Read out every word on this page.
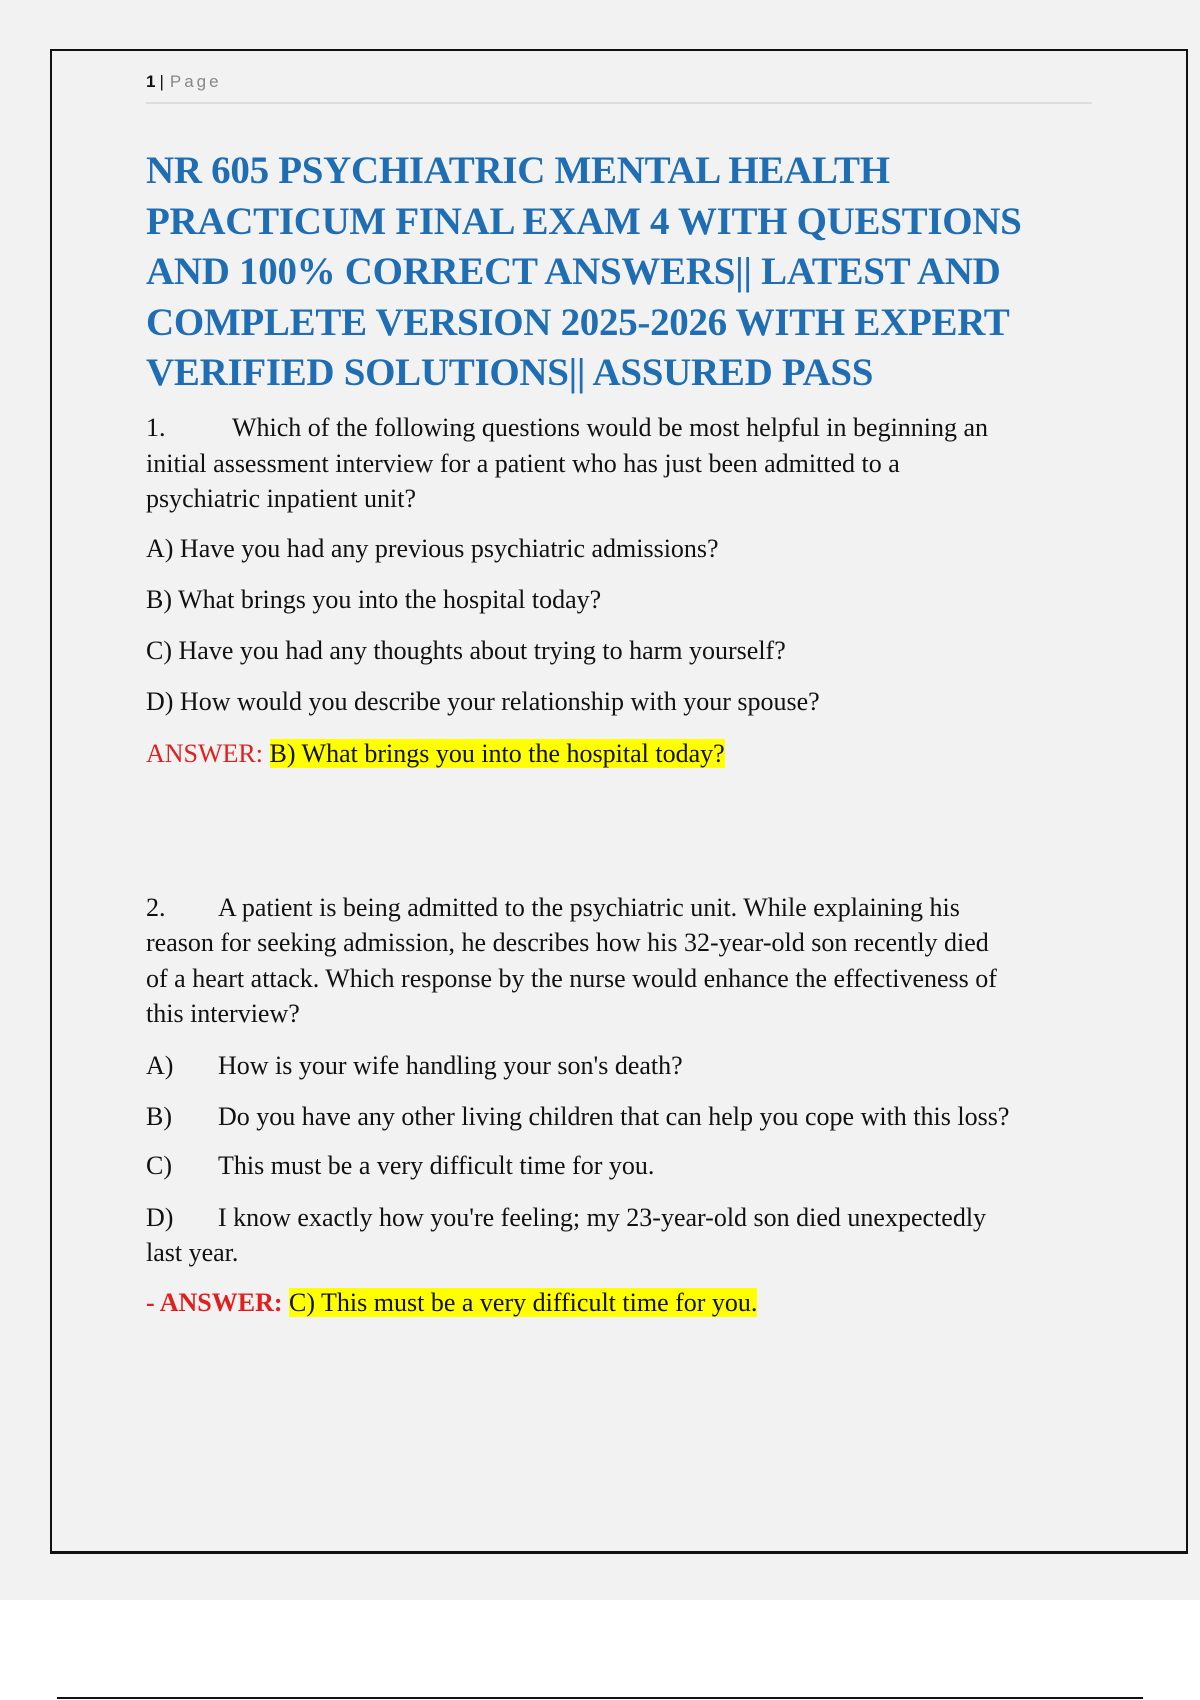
1 | Page
NR 605 PSYCHIATRIC MENTAL HEALTH
PRACTICUM FINAL EXAM 4 WITH QUESTIONS
AND 100% CORRECT ANSWERS|| LATEST AND
COMPLETE VERSION 2025-2026 WITH EXPERT
VERIFIED SOLUTIONS|| ASSURED PASS
1.	Which of the following questions would be most helpful in beginning an
initial assessment interview for a patient who has just been admitted to a
psychiatric inpatient unit?
A) Have you had any previous psychiatric admissions?
B) What brings you into the hospital today?
C) Have you had any thoughts about trying to harm yourself?
D) How would you describe your relationship with your spouse?
ANSWER: B) What brings you into the hospital today?
2. A patient is being admitted to the psychiatric unit. While explaining his
reason for seeking admission, he describes how his 32-year-old son recently died
of a heart attack. Which response by the nurse would enhance the effectiveness of
this interview?
A) How is your wife handling your son's death?
B) Do you have any other living children that can help you cope with this loss?
C) This must be a very difficult time for you.
D) I know exactly how you're feeling; my 23-year-old son died unexpectedly
last year.
- ANSWER: C) This must be a very difficult time for you.
